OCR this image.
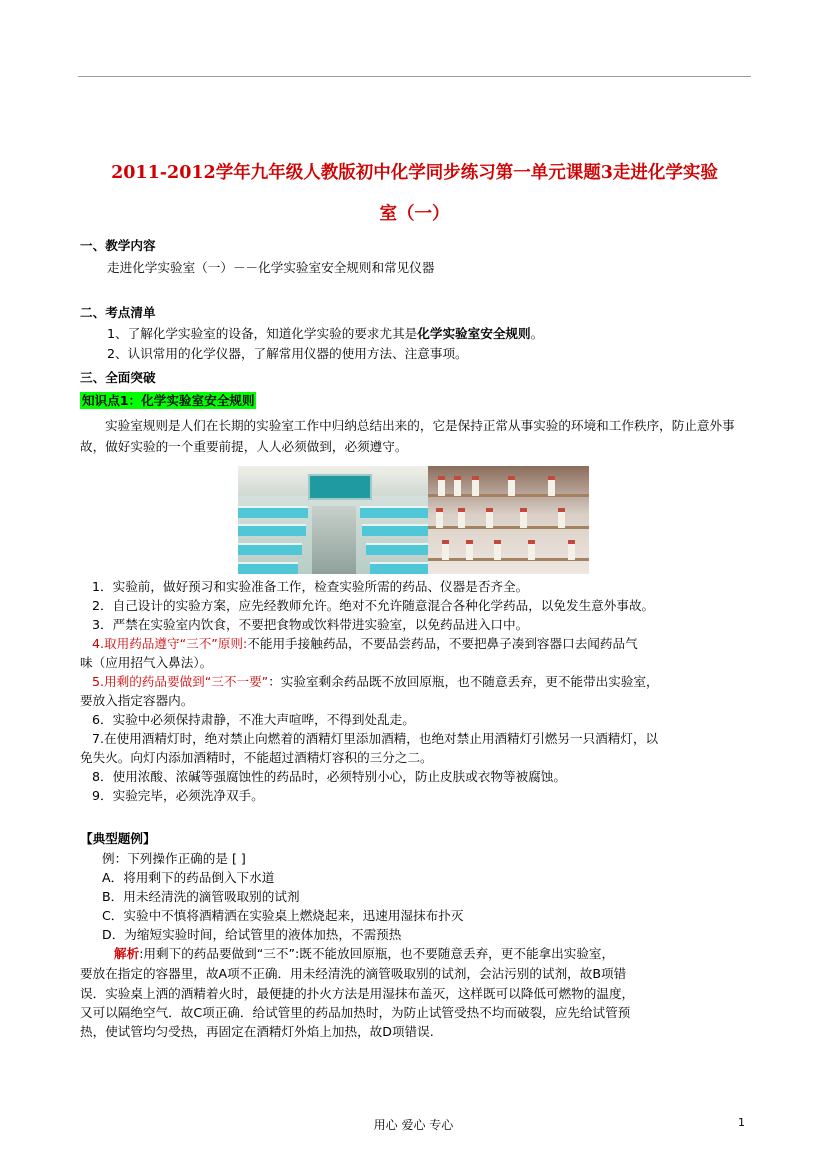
2011-2012学年九年级人教版初中化学同步练习第一单元课题3走进化学实验
室（一）
一、教学内容
走进化学实验室（一）－－化学实验室安全规则和常见仪器
二、考点清单
1、了解化学实验室的设备，知道化学实验的要求尤其是化学实验室安全规则。
2、认识常用的化学仪器，了解常用仪器的使用方法、注意事项。
三、全面突破
知识点1：化学实验室安全规则
实验室规则是人们在长期的实验室工作中归纳总结出来的，它是保持正常从事实验的环境和工作秩序，防止意外事故，做好实验的一个重要前提，人人必须做到，必须遵守。
1．实验前，做好预习和实验准备工作，检查实验所需的药品、仪器是否齐全。
2．自己设计的实验方案，应先经教师允许。绝对不允许随意混合各种化学药品，以免发生意外事故。
3．严禁在实验室内饮食，不要把食物或饮料带进实验室，以免药品进入口中。
4.取用药品遵守“三不”原则:不能用手接触药品，不要品尝药品，不要把鼻子凑到容器口去闻药品气
味（应用招气入鼻法）。
5.用剩的药品要做到“三不一要”：实验室剩余药品既不放回原瓶，也不随意丢弃，更不能带出实验室，
要放入指定容器内。
6．实验中必须保持肃静，不准大声喧哗，不得到处乱走。
7.在使用酒精灯时，绝对禁止向燃着的酒精灯里添加酒精，也绝对禁止用酒精灯引燃另一只酒精灯，以
免失火。向灯内添加酒精时，不能超过酒精灯容积的三分之二。
8．使用浓酸、浓碱等强腐蚀性的药品时，必须特别小心，防止皮肤或衣物等被腐蚀。
9．实验完毕，必须洗净双手。
【典型题例】
例：下列操作正确的是 [ ]
A．将用剩下的药品倒入下水道
B．用未经清洗的滴管吸取别的试剂
C．实验中不慎将酒精洒在实验桌上燃烧起来，迅速用湿抹布扑灭
D．为缩短实验时间，给试管里的液体加热，不需预热
解析:用剩下的药品要做到“三不”:既不能放回原瓶，也不要随意丢弃，更不能拿出实验室，
要放在指定的容器里，故A项不正确．用未经清洗的滴管吸取别的试剂，会沾污别的试剂，故B项错
误．实验桌上洒的酒精着火时，最便捷的扑火方法是用湿抹布盖灭，这样既可以降低可燃物的温度，
又可以隔绝空气．故C项正确．给试管里的药品加热时，为防止试管受热不均而破裂，应先给试管预
热，使试管均匀受热，再固定在酒精灯外焰上加热，故D项错误.
用心 爱心 专心	1
